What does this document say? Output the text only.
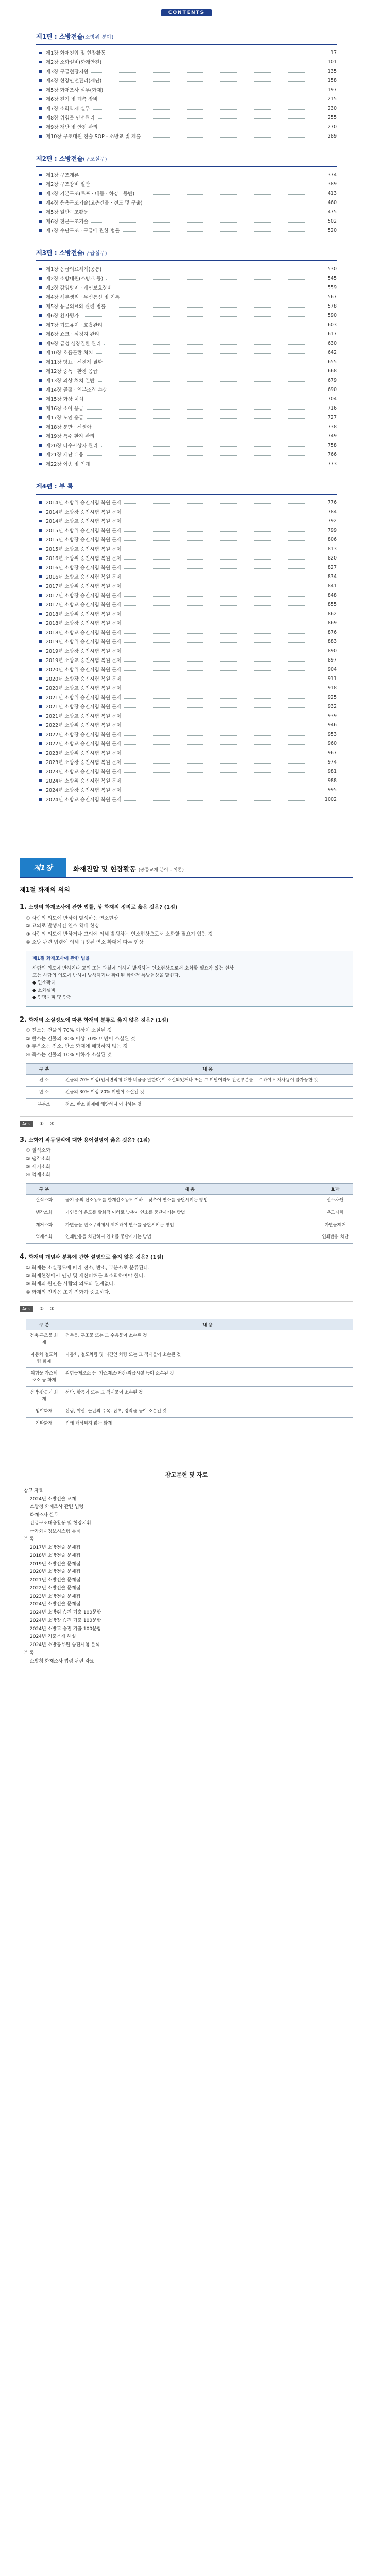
CONTENTS
제1편 : 소방전술(소방위 분야)
제1장 화재진압 및 현장활동	17
제2장 소화설비(화재안전)	101
제3장 구급현장지원	135
제4장 현장안전관리(재난)	158
제5장 화재조사 실무(화재)	197
제6장 전기 및 계측 장비	215
제7장 소화약제 실무	230
제8장 위험물 안전관리	255
제9장 재난 및 안전 관리	270
제10장 구조대원 전술 SOP - 소방교 및 제출	289
제2편 : 소방전술(구조실무)
제1장 구조개론	374
제2장 구조장비 일반	389
제3장 기본구조(로프 · 매듭 · 하강 · 등반)	413
제4장 응용구조기술(고층건물 · 전도 및 구출)	460
제5장 일반구조활동	475
제6장 전문구조기술	502
제7장 수난구조 · 구급에 관한 법률	520
제3편 : 소방전술(구급실무)
제1장 응급의료체계(공통)	530
제2장 소방대원(소방교 등)	545
제3장 감염방지 · 개인보호장비	559
제4장 해부생리 · 무선통신 및 기록	567
제5장 응급의료와 관련 법률	578
제6장 환자평가	590
제7장 기도유지 · 호흡관리	603
제8장 쇼크 · 심정지 관리	617
제9장 급성 심장질환 관리	630
제10장 호흡곤란 처치	642
제11장 당뇨 · 신경계 질환	655
제12장 중독 · 환경 응급	668
제13장 외상 처치 일반	679
제14장 골절 · 연부조직 손상	690
제15장 화상 처치	704
제16장 소아 응급	716
제17장 노인 응급	727
제18장 분만 · 신생아	738
제19장 특수 환자 관리	749
제20장 다수사상자 관리	758
제21장 재난 대응	766
제22장 이송 및 인계	773
제4편 : 부 록
2014년 소방위 승진시험 복원 문제	776
2014년 소방장 승진시험 복원 문제	784
2014년 소방교 승진시험 복원 문제	792
2015년 소방위 승진시험 복원 문제	799
2015년 소방장 승진시험 복원 문제	806
2015년 소방교 승진시험 복원 문제	813
2016년 소방위 승진시험 복원 문제	820
2016년 소방장 승진시험 복원 문제	827
2016년 소방교 승진시험 복원 문제	834
2017년 소방위 승진시험 복원 문제	841
2017년 소방장 승진시험 복원 문제	848
2017년 소방교 승진시험 복원 문제	855
2018년 소방위 승진시험 복원 문제	862
2018년 소방장 승진시험 복원 문제	869
2018년 소방교 승진시험 복원 문제	876
2019년 소방위 승진시험 복원 문제	883
2019년 소방장 승진시험 복원 문제	890
2019년 소방교 승진시험 복원 문제	897
2020년 소방위 승진시험 복원 문제	904
2020년 소방장 승진시험 복원 문제	911
2020년 소방교 승진시험 복원 문제	918
2021년 소방위 승진시험 복원 문제	925
2021년 소방장 승진시험 복원 문제	932
2021년 소방교 승진시험 복원 문제	939
2022년 소방위 승진시험 복원 문제	946
2022년 소방장 승진시험 복원 문제	953
2022년 소방교 승진시험 복원 문제	960
2023년 소방위 승진시험 복원 문제	967
2023년 소방장 승진시험 복원 문제	974
2023년 소방교 승진시험 복원 문제	981
2024년 소방위 승진시험 복원 문제	988
2024년 소방장 승진시험 복원 문제	995
2024년 소방교 승진시험 복원 문제	1002
제1장	화재진압 및 현장활동 (공통교재 분야 - 이론)
제1절 화재의 의의
1. 소방의 화재조사에 관한 법률, 상 화재의 정의로 옳은 것은? (1점)
① 사람의 의도에 반하여 발생하는 연소현상
② 고의로 발생시킨 연소 확대 현상
③ 사람의 의도에 반하거나 고의에 의해 발생하는 연소현상으로서 소화할 필요가 있는 것
④ 소방 관련 법령에 의해 규정된 연소 확대에 따른 현상
제1절 화재조사에 관한 법률
사람의 의도에 반하거나 고의 또는 과실에 의하여 발생하는 연소현상으로서 소화할 필요가 있는 현상
또는 사람의 의도에 반하여 발생하거나 확대된 화학적 폭발현상을 말한다.
◆ 연소확대
◆ 소화설비
◆ 인명대피 및 안전
2. 화재의 소실정도에 따른 화재의 분류로 옳지 않은 것은? (1점)
① 전소는 건물의 70% 이상이 소실된 것
② 반소는 건물의 30% 이상 70% 미만이 소실된 것
③ 부분소는 전소, 반소 화재에 해당하지 않는 것
④ 즉소는 건물의 10% 이하가 소실된 것
구 분	내 용
전 소	건물의 70% 이상(입체면적에 대한 비율을 말한다)이 소실되었거나 또는 그 미만이라도 잔존부분을 보수하여도 재사용이 불가능한 것
반 소	건물의 30% 이상 70% 미만이 소실된 것
부분소	전소, 반소 화재에 해당하지 아니하는 것
Ans. ① ④
3. 소화기 작동원리에 대한 용어설명이 옳은 것은? (1점)
① 질식소화
② 냉각소화
③ 제거소화
④ 억제소화
구 분	내 용	효과
질식소화	공기 중의 산소농도를 한계산소농도 이하로 낮추어 연소를 중단시키는 방법	산소차단
냉각소화	가연물의 온도를 발화점 이하로 낮추어 연소를 중단시키는 방법	온도저하
제거소화	가연물을 연소구역에서 제거하여 연소를 중단시키는 방법	가연물제거
억제소화	연쇄반응을 차단하여 연소를 중단시키는 방법	연쇄반응 차단
4. 화재의 개념과 분류에 관한 설명으로 옳지 않은 것은? (1점)
① 화재는 소실정도에 따라 전소, 반소, 부분소로 분류된다.
② 화재현장에서 인명 및 재산피해를 최소화하여야 한다.
③ 화재의 원인은 사람의 의도와 관계없다.
④ 화재의 진압은 초기 진화가 중요하다.
Ans. ② ③
구 분	내 용
건축·구조물 화재	건축물, 구조물 또는 그 수용물이 소손된 것
자동차·철도차량 화재	자동차, 철도차량 및 피견인 차량 또는 그 적재물이 소손된 것
위험물·가스제조소 등 화재	위험물제조소 등, 가스제조·저장·취급시설 등이 소손된 것
선박·항공기 화재	선박, 항공기 또는 그 적재물이 소손된 것
임야화재	산림, 야산, 들판의 수목, 잡초, 경작물 등이 소손된 것
기타화재	위에 해당되지 않는 화재
참고문헌 및 자료
참고 자료
2024년 소방전술 교재
소방청 화재조사 관련 법령
화재조사 실무
긴급구조대응활동 및 현장지휘
국가화재정보시스템 통계
부 록
2017년 소방전술 문제집
2018년 소방전술 문제집
2019년 소방전술 문제집
2020년 소방전술 문제집
2021년 소방전술 문제집
2022년 소방전술 문제집
2023년 소방전술 문제집
2024년 소방전술 문제집
2024년 소방위 승진 기출 100문항
2024년 소방장 승진 기출 100문항
2024년 소방교 승진 기출 100문항
2024년 기출문제 해설
2024년 소방공무원 승진시험 분석
부 록
소방청 화재조사 법령 관련 자료
